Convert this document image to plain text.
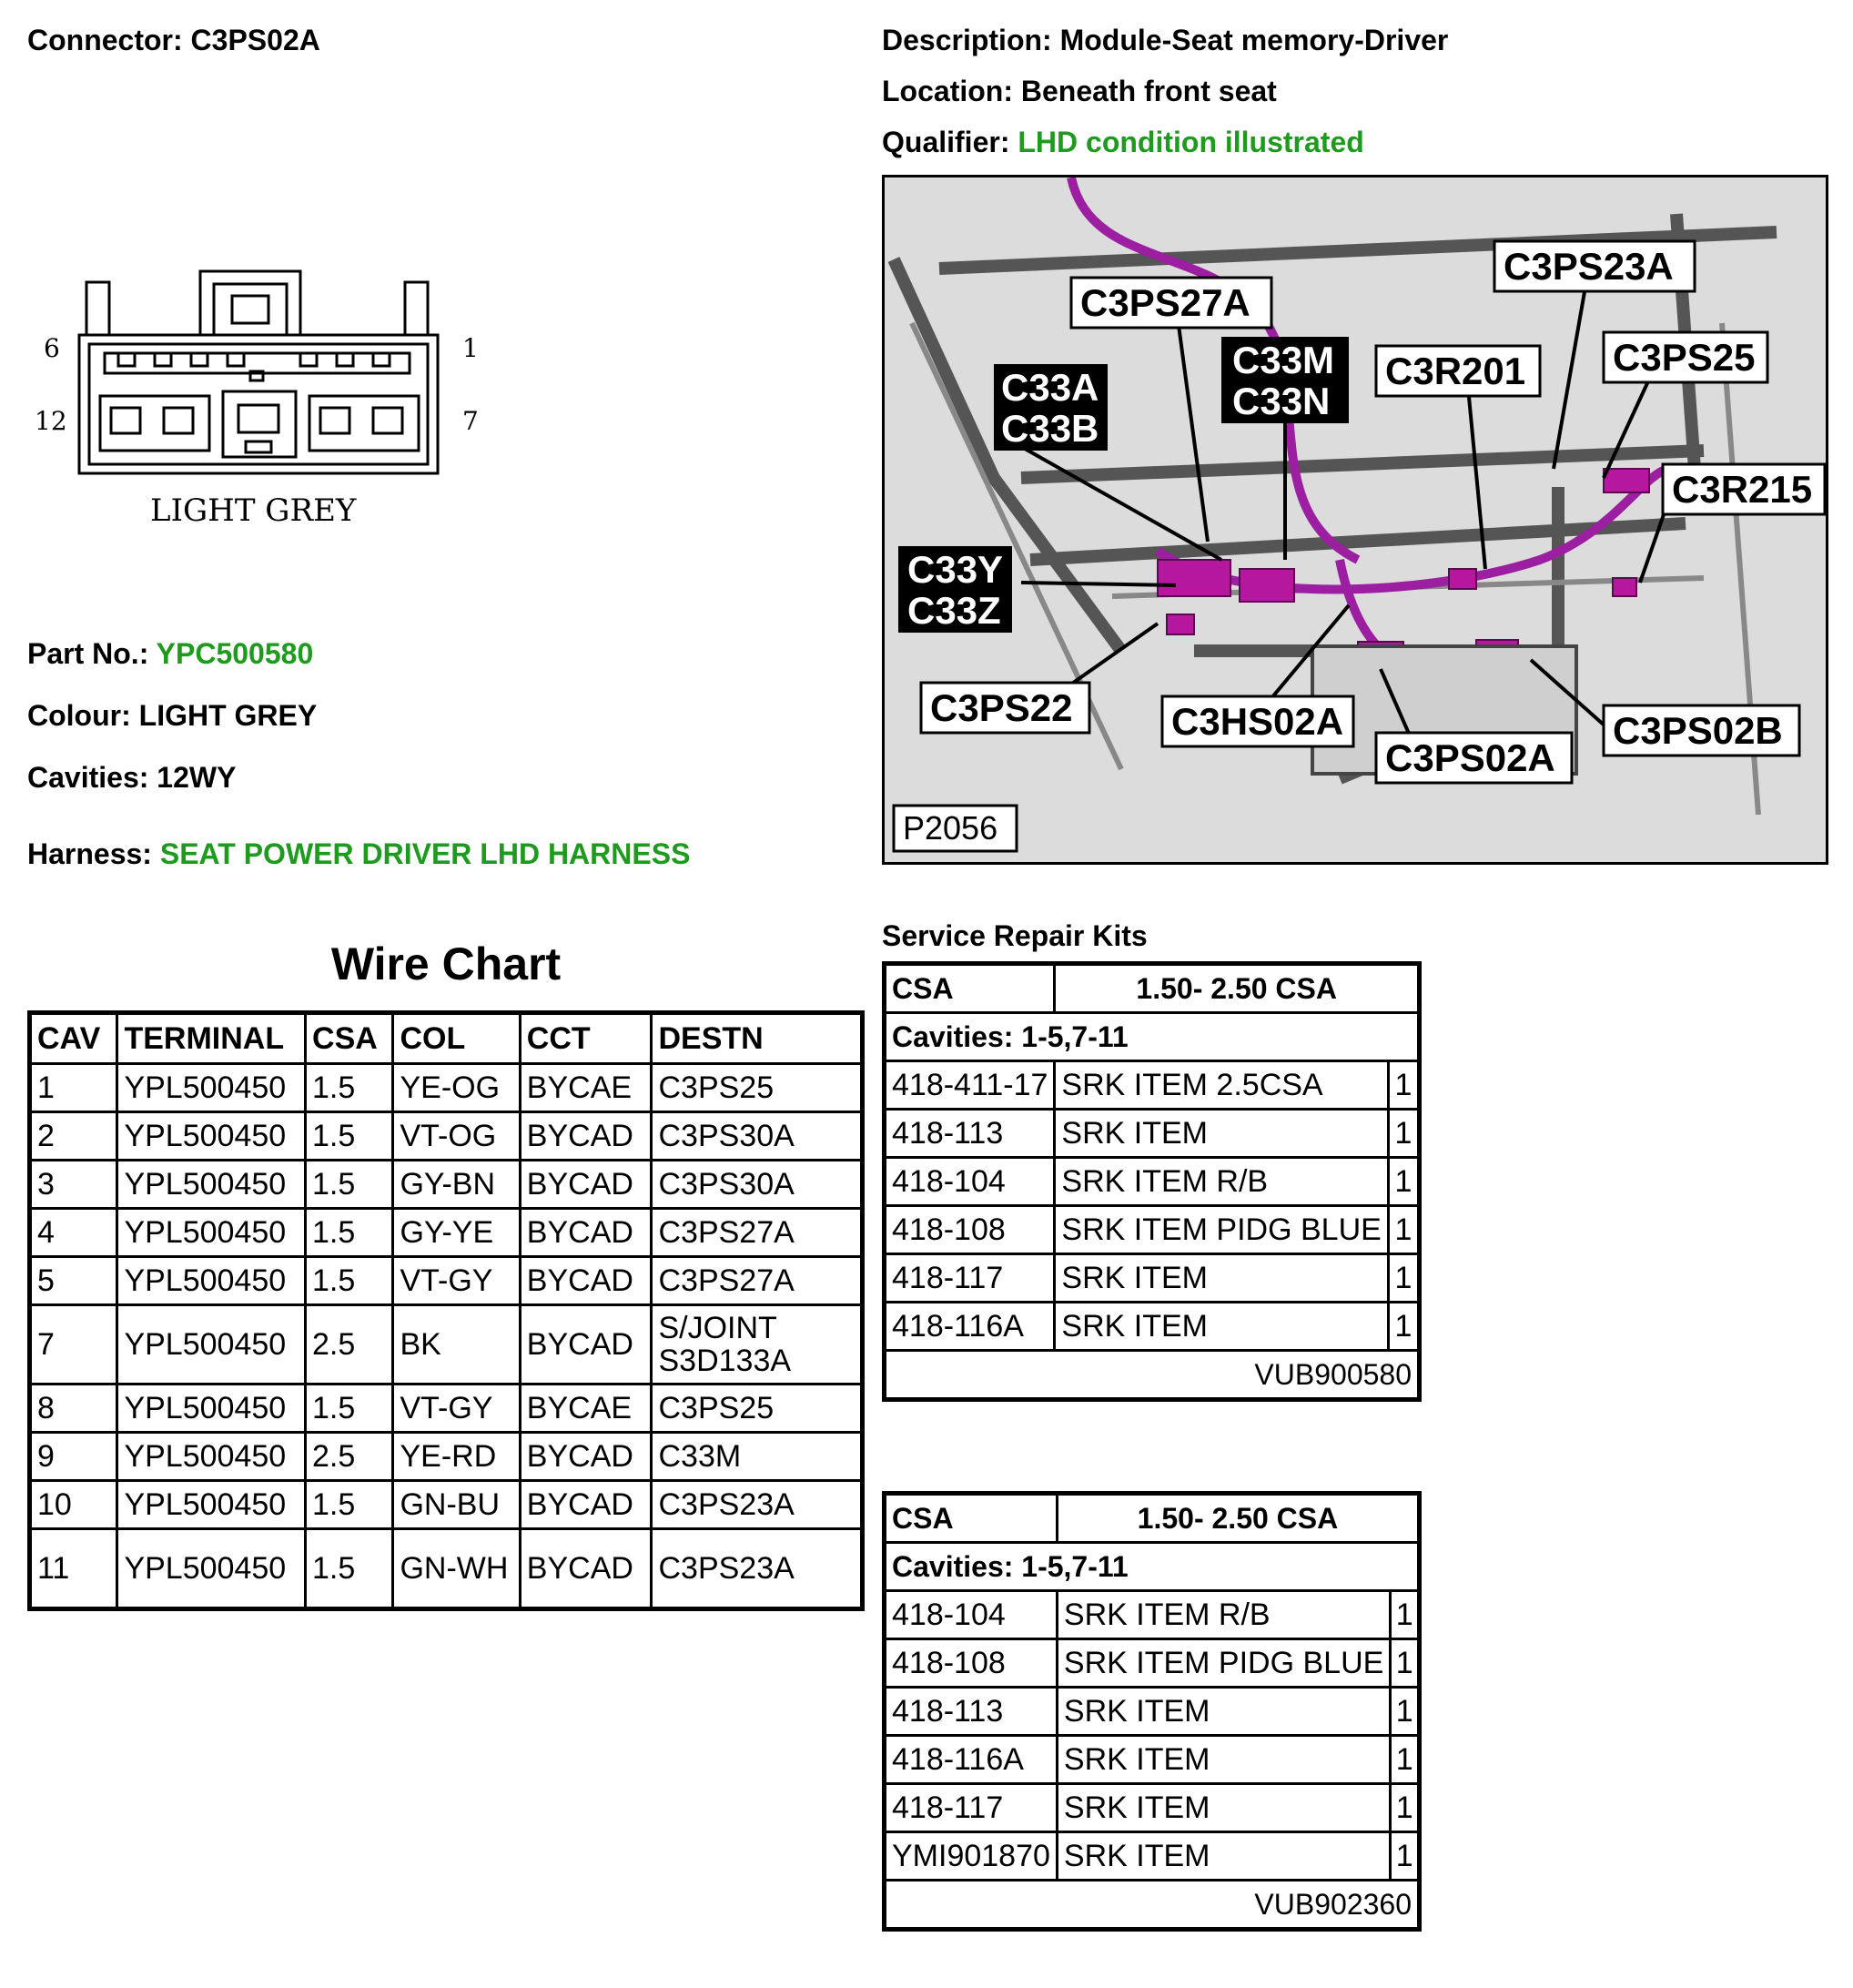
Connector: C3PS02A	Description: Module-Seat memory-Driver
Location: Beneath front seat
Qualifier: LHD condition illustrated
6	1
12	7
LIGHT GREY
Part No.: YPC500580
Colour: LIGHT GREY
Cavities: 12WY
Harness: SEAT POWER DRIVER LHD HARNESS
C3PS27A
C3PS23A
C33M
C33N
C3R201 C3PS25
C33A
C33B
C3R215
C33Y
C33Z
C3PS22	C3HS02A
C3PS02A
C3PS02B
P2056
Wire Chart
CAV	TERMINAL	CSA	COL	CCT	DESTN
1	YPL500450	1.5	YE-OG	BYCAE	C3PS25
2	YPL500450	1.5	VT-OG	BYCAD	C3PS30A
3	YPL500450	1.5	GY-BN	BYCAD	C3PS30A
4	YPL500450	1.5	GY-YE	BYCAD	C3PS27A
5	YPL500450	1.5	VT-GY	BYCAD	C3PS27A
7	YPL500450	2.5	BK	BYCAD	S/JOINT S3D133A
8	YPL500450	1.5	VT-GY	BYCAE	C3PS25
9	YPL500450	2.5	YE-RD	BYCAD	C33M
10	YPL500450	1.5	GN-BU	BYCAD	C3PS23A
11	YPL500450	1.5	GN-WH	BYCAD	C3PS23A
Service Repair Kits
CSA	1.50- 2.50 CSA	
Cavities: 1-5,7-11		
418-411-17	SRK ITEM 2.5CSA	1
418-113	SRK ITEM	1
418-104	SRK ITEM R/B	1
418-108	SRK ITEM PIDG BLUE	1
418-117	SRK ITEM	1
418-116A	SRK ITEM	1
VUB900580		
CSA	1.50- 2.50 CSA	
Cavities: 1-5,7-11		
418-104	SRK ITEM R/B	1
418-108	SRK ITEM PIDG BLUE	1
418-113	SRK ITEM	1
418-116A	SRK ITEM	1
418-117	SRK ITEM	1
YMI901870	SRK ITEM	1
VUB902360		
